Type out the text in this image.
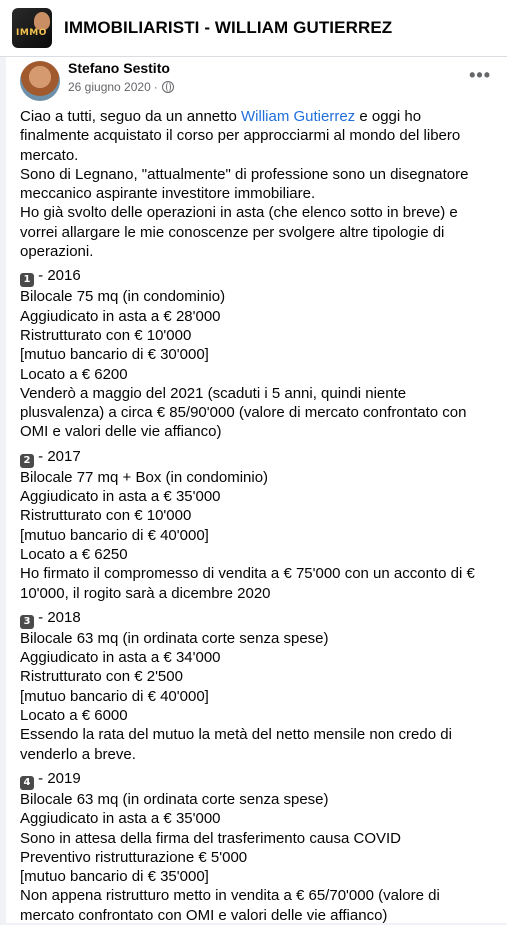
IMMO IMMOBILIARISTI - WILLIAM GUTIERREZ
Stefano Sestito
26 giugno 2020 ·
•••

Ciao a tutti, seguo da un annetto William Gutierrez e oggi ho finalmente acquistato il corso per approcciarmi al mondo del libero mercato.

Sono di Legnano, "attualmente" di professione sono un disegnatore meccanico aspirante investitore immobiliare.

Ho già svolto delle operazioni in asta (che elenco sotto in breve) e vorrei allargare le mie conoscenze per svolgere altre tipologie di operazioni.

1 - 2016

Bilocale 75 mq (in condominio)

Aggiudicato in asta a € 28'000

Ristrutturato con € 10'000

[mutuo bancario di € 30'000]

Locato a € 6200

Venderò a maggio del 2021 (scaduti i 5 anni, quindi niente plusvalenza) a circa € 85/90'000 (valore di mercato confrontato con OMI e valori delle vie affianco)

2 - 2017

Bilocale 77 mq + Box (in condominio)

Aggiudicato in asta a € 35'000

Ristrutturato con € 10'000

[mutuo bancario di € 40'000]

Locato a € 6250

Ho firmato il compromesso di vendita a € 75'000 con un acconto di € 10'000, il rogito sarà a dicembre 2020

3 - 2018

Bilocale 63 mq (in ordinata corte senza spese)

Aggiudicato in asta a € 34'000

Ristrutturato con € 2'500

[mutuo bancario di € 40'000]

Locato a € 6000

Essendo la rata del mutuo la metà del netto mensile non credo di venderlo a breve.

4 - 2019

Bilocale 63 mq (in ordinata corte senza spese)

Aggiudicato in asta a € 35'000

Sono in attesa della firma del trasferimento causa COVID

Preventivo ristrutturazione € 5'000

[mutuo bancario di € 35'000]

Non appena ristrutturo metto in vendita a € 65/70'000 (valore di mercato confrontato con OMI e valori delle vie affianco)
